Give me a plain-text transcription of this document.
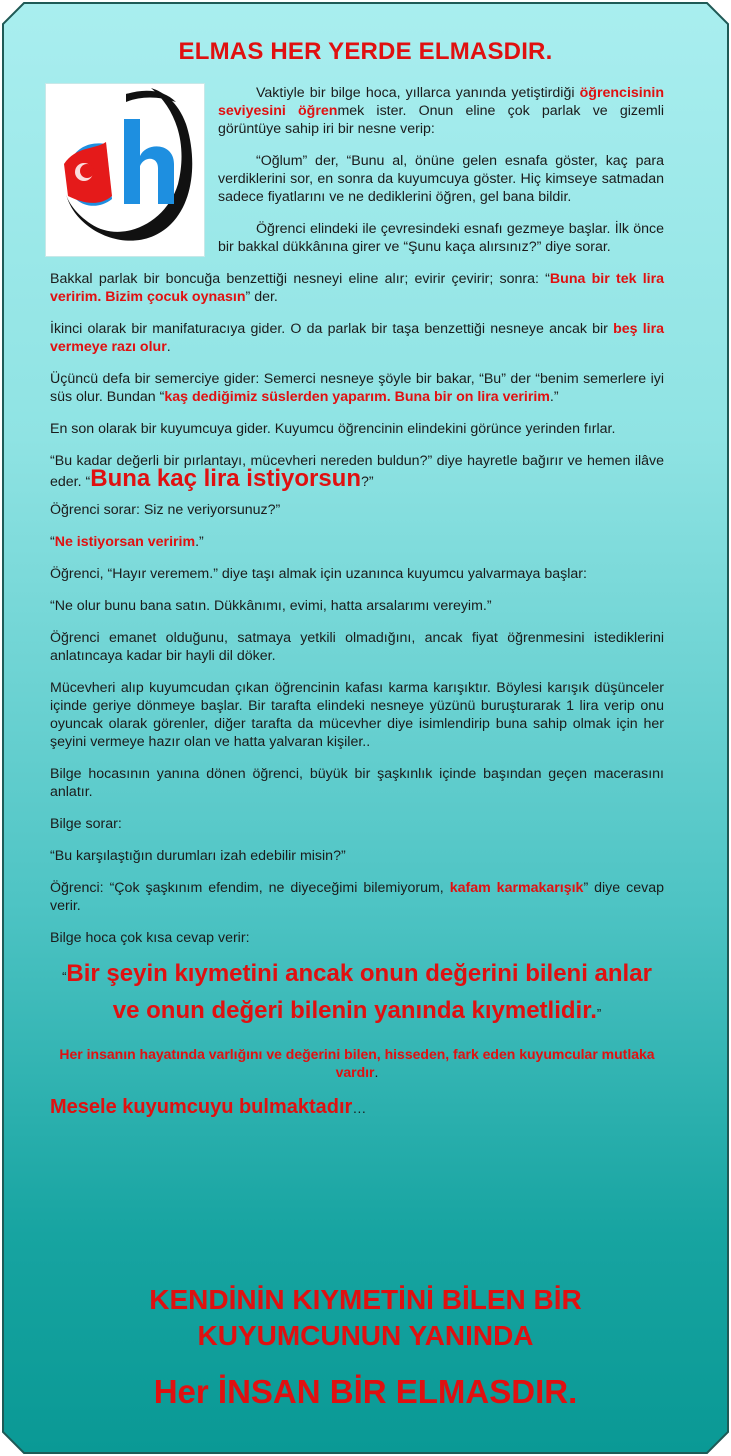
ELMAS HER YERDE ELMASDIR.

Vaktiyle bir bilge hoca, yıllarca yanında yetiştirdiği öğrencisinin seviyesini öğrenmek ister. Onun eline çok parlak ve gizemli görüntüye sahip iri bir nesne verip:

“Oğlum” der, “Bunu al, önüne gelen esnafa göster, kaç para verdiklerini sor, en sonra da kuyumcuya göster. Hiç kimseye satmadan sadece fiyatlarını ve ne dediklerini öğren, gel bana bildir.

Öğrenci elindeki ile çevresindeki esnafı gezmeye başlar. İlk önce bir bakkal dükkânına girer ve “Şunu kaça alırsınız?” diye sorar.

Bakkal parlak bir boncuğa benzettiği nesneyi eline alır; evirir çevirir; sonra: “Buna bir tek lira veririm. Bizim çocuk oynasın” der.

İkinci olarak bir manifaturacıya gider. O da parlak bir taşa benzettiği nesneye ancak bir beş lira vermeye razı olur.

Üçüncü defa bir semerciye gider: Semerci nesneye şöyle bir bakar, “Bu” der “benim semerlere iyi süs olur. Bundan “kaş dediğimiz süslerden yaparım. Buna bir on lira veririm.”

En son olarak bir kuyumcuya gider. Kuyumcu öğrencinin elindekini görünce yerinden fırlar.

“Bu kadar değerli bir pırlantayı, mücevheri nereden buldun?” diye hayretle bağırır ve hemen ilâve eder. “Buna kaç lira istiyorsun?”

Öğrenci sorar: Siz ne veriyorsunuz?”

“Ne istiyorsan veririm.”

Öğrenci, “Hayır veremem.” diye taşı almak için uzanınca kuyumcu yalvarmaya başlar:

“Ne olur bunu bana satın. Dükkânımı, evimi, hatta arsalarımı vereyim.”

Öğrenci emanet olduğunu, satmaya yetkili olmadığını, ancak fiyat öğrenmesini istediklerini anlatıncaya kadar bir hayli dil döker.

Mücevheri alıp kuyumcudan çıkan öğrencinin kafası karma karışıktır. Böylesi karışık düşünceler içinde geriye dönmeye başlar. Bir tarafta elindeki nesneye yüzünü buruşturarak 1 lira verip onu oyuncak olarak görenler, diğer tarafta da mücevher diye isimlendirip buna sahip olmak için her şeyini vermeye hazır olan ve hatta yalvaran kişiler..

Bilge hocasının yanına dönen öğrenci, büyük bir şaşkınlık içinde başından geçen macerasını anlatır.

Bilge sorar:

“Bu karşılaştığın durumları izah edebilir misin?”

Öğrenci: “Çok şaşkınım efendim, ne diyeceğimi bilemiyorum, kafam karmakarışık” diye cevap verir.

Bilge hoca çok kısa cevap verir:

“Bir şeyin kıymetini ancak onun değerini bileni anlar ve onun değeri bilenin yanında kıymetlidir.”

Her insanın hayatında varlığını ve değerini bilen, hisseden, fark eden kuyumcular mutlaka vardır.

Mesele kuyumcuyu bulmaktadır…

KENDİNİN KIYMETİNİ BİLEN BİR
KUYUMCUNUN YANINDA
Her İNSAN BİR ELMASDIR.
